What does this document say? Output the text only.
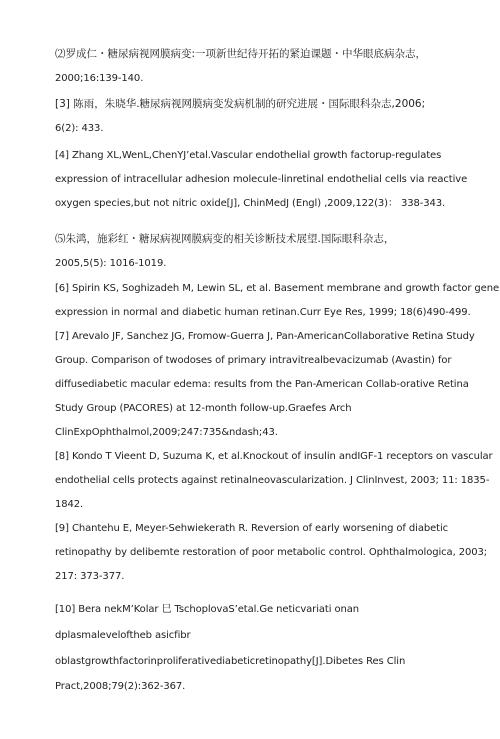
⑵罗成仁・糖尿病视网膜病变:一项新世纪待开拓的紧迫课题・中华眼底病杂志，
2000;16:139-140.
[3] 陈雨，朱晓华.糖尿病视网膜病变发病机制的研究进展・国际眼科杂志,2006;
6(2): 433.
[4] Zhang XL,WenL,ChenYJ’etal.Vascular endothelial growth factorup-regulates
expression of intracellular adhesion molecule-linretinal endothelial cells via reactive
oxygen species,but not nitric oxide[J], ChinMedJ (Engl) ,2009,122(3)： 338-343.
⑸朱鸿，施彩红・糖尿病视网膜病变的相关诊断技术展望.国际眼科杂志，
2005,5(5): 1016-1019.
[6] Spirin KS, Soghizadeh M, Lewin SL, et al. Basement membrane and growth factor gene
expression in normal and diabetic human retinan.Curr Eye Res, 1999; 18(6)490-499.
[7] Arevalo JF, Sanchez JG, Fromow-Guerra J, Pan-AmericanCollaborative Retina Study
Group. Comparison of twodoses of primary intravitrealbevacizumab (Avastin) for
diffusediabetic macular edema: results from the Pan-American Collab-orative Retina
Study Group (PACORES) at 12-month follow-up.Graefes Arch
ClinExpOphthalmol,2009;247:735&ndash;43.
[8] Kondo T Vieent D, Suzuma K, et al.Knockout of insulin andIGF-1 receptors on vascular
endothelial cells protects against retinalneovascularization. J ClinInvest, 2003; 11: 1835-
1842.
[9] Chantehu E, Meyer-Sehwiekerath R. Reversion of early worsening of diabetic
retinopathy by delibemte restoration of poor metabolic control. Ophthalmologica, 2003;
217: 373-377.
[10] Bera nekM’Kolar 巳 TschoplovaS’etal.Ge neticvariati onan
dplasmaleveloftheb asicfibr
oblastgrowthfactorinproliferativediabeticretinopathy[J].Dibetes Res Clin
Pract,2008;79(2):362-367.
